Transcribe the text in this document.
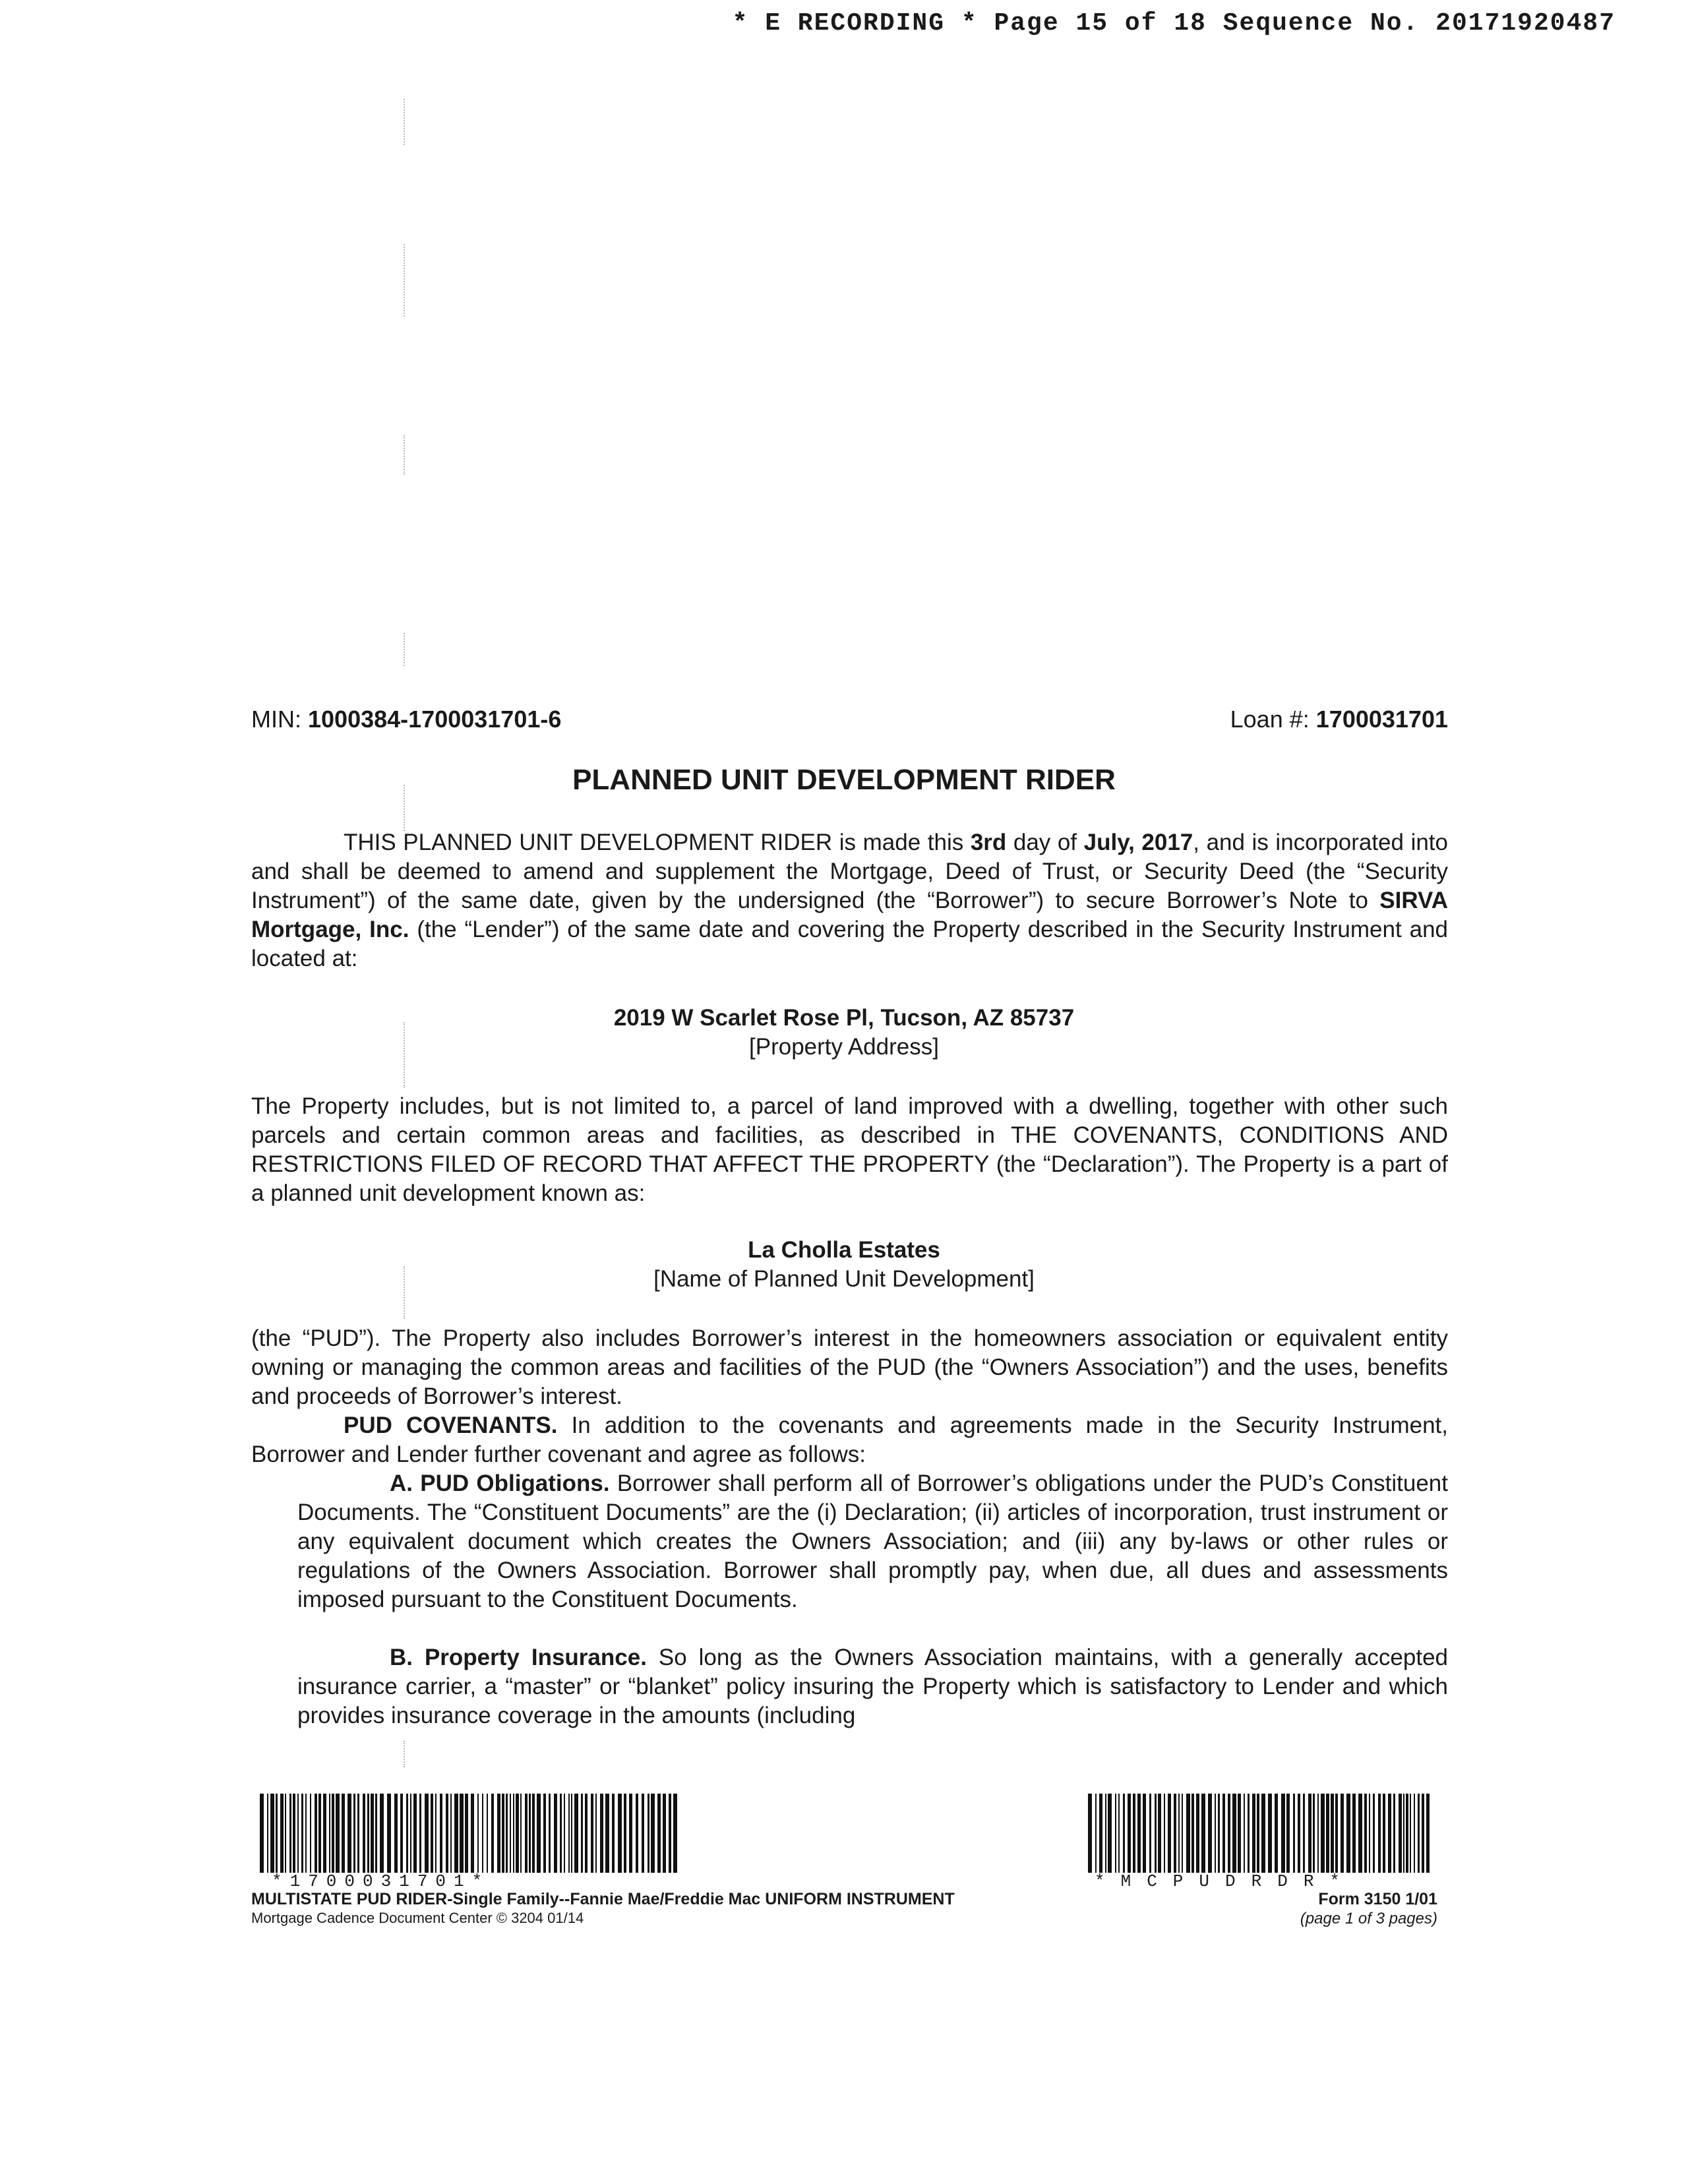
* E RECORDING * Page 15 of 18 Sequence No. 20171920487
MIN: 1000384-1700031701-6	Loan #: 1700031701
PLANNED UNIT DEVELOPMENT RIDER

THIS PLANNED UNIT DEVELOPMENT RIDER is made this 3rd day of July, 2017, and is incorporated into and shall be deemed to amend and supplement the Mortgage, Deed of Trust, or Security Deed (the “Security Instrument”) of the same date, given by the undersigned (the “Borrower”) to secure Borrower’s Note to SIRVA Mortgage, Inc. (the “Lender”) of the same date and covering the Property described in the Security Instrument and located at:

2019 W Scarlet Rose Pl, Tucson, AZ 85737
[Property Address]

The Property includes, but is not limited to, a parcel of land improved with a dwelling, together with other such parcels and certain common areas and facilities, as described in THE COVENANTS, CONDITIONS AND RESTRICTIONS FILED OF RECORD THAT AFFECT THE PROPERTY (the “Declaration”). The Property is a part of a planned unit development known as:

La Cholla Estates
[Name of Planned Unit Development]

(the “PUD”). The Property also includes Borrower’s interest in the homeowners association or equivalent entity owning or managing the common areas and facilities of the PUD (the “Owners Association”) and the uses, benefits and proceeds of Borrower’s interest.

PUD COVENANTS. In addition to the covenants and agreements made in the Security Instrument, Borrower and Lender further covenant and agree as follows:

A. PUD Obligations. Borrower shall perform all of Borrower’s obligations under the PUD’s Constituent Documents. The “Constituent Documents” are the (i) Declaration; (ii) articles of incorporation, trust instrument or any equivalent document which creates the Owners Association; and (iii) any by-laws or other rules or regulations of the Owners Association. Borrower shall promptly pay, when due, all dues and assessments imposed pursuant to the Constituent Documents.

B. Property Insurance. So long as the Owners Association maintains, with a generally accepted insurance carrier, a “master” or “blanket” policy insuring the Property which is satisfactory to Lender and which provides insurance coverage in the amounts (including

*1700031701*	*MCPUDRDR*
MULTISTATE PUD RIDER-Single Family--Fannie Mae/Freddie Mac UNIFORM INSTRUMENT
Mortgage Cadence Document Center © 3204 01/14
Form 3150 1/01
(page 1 of 3 pages)
